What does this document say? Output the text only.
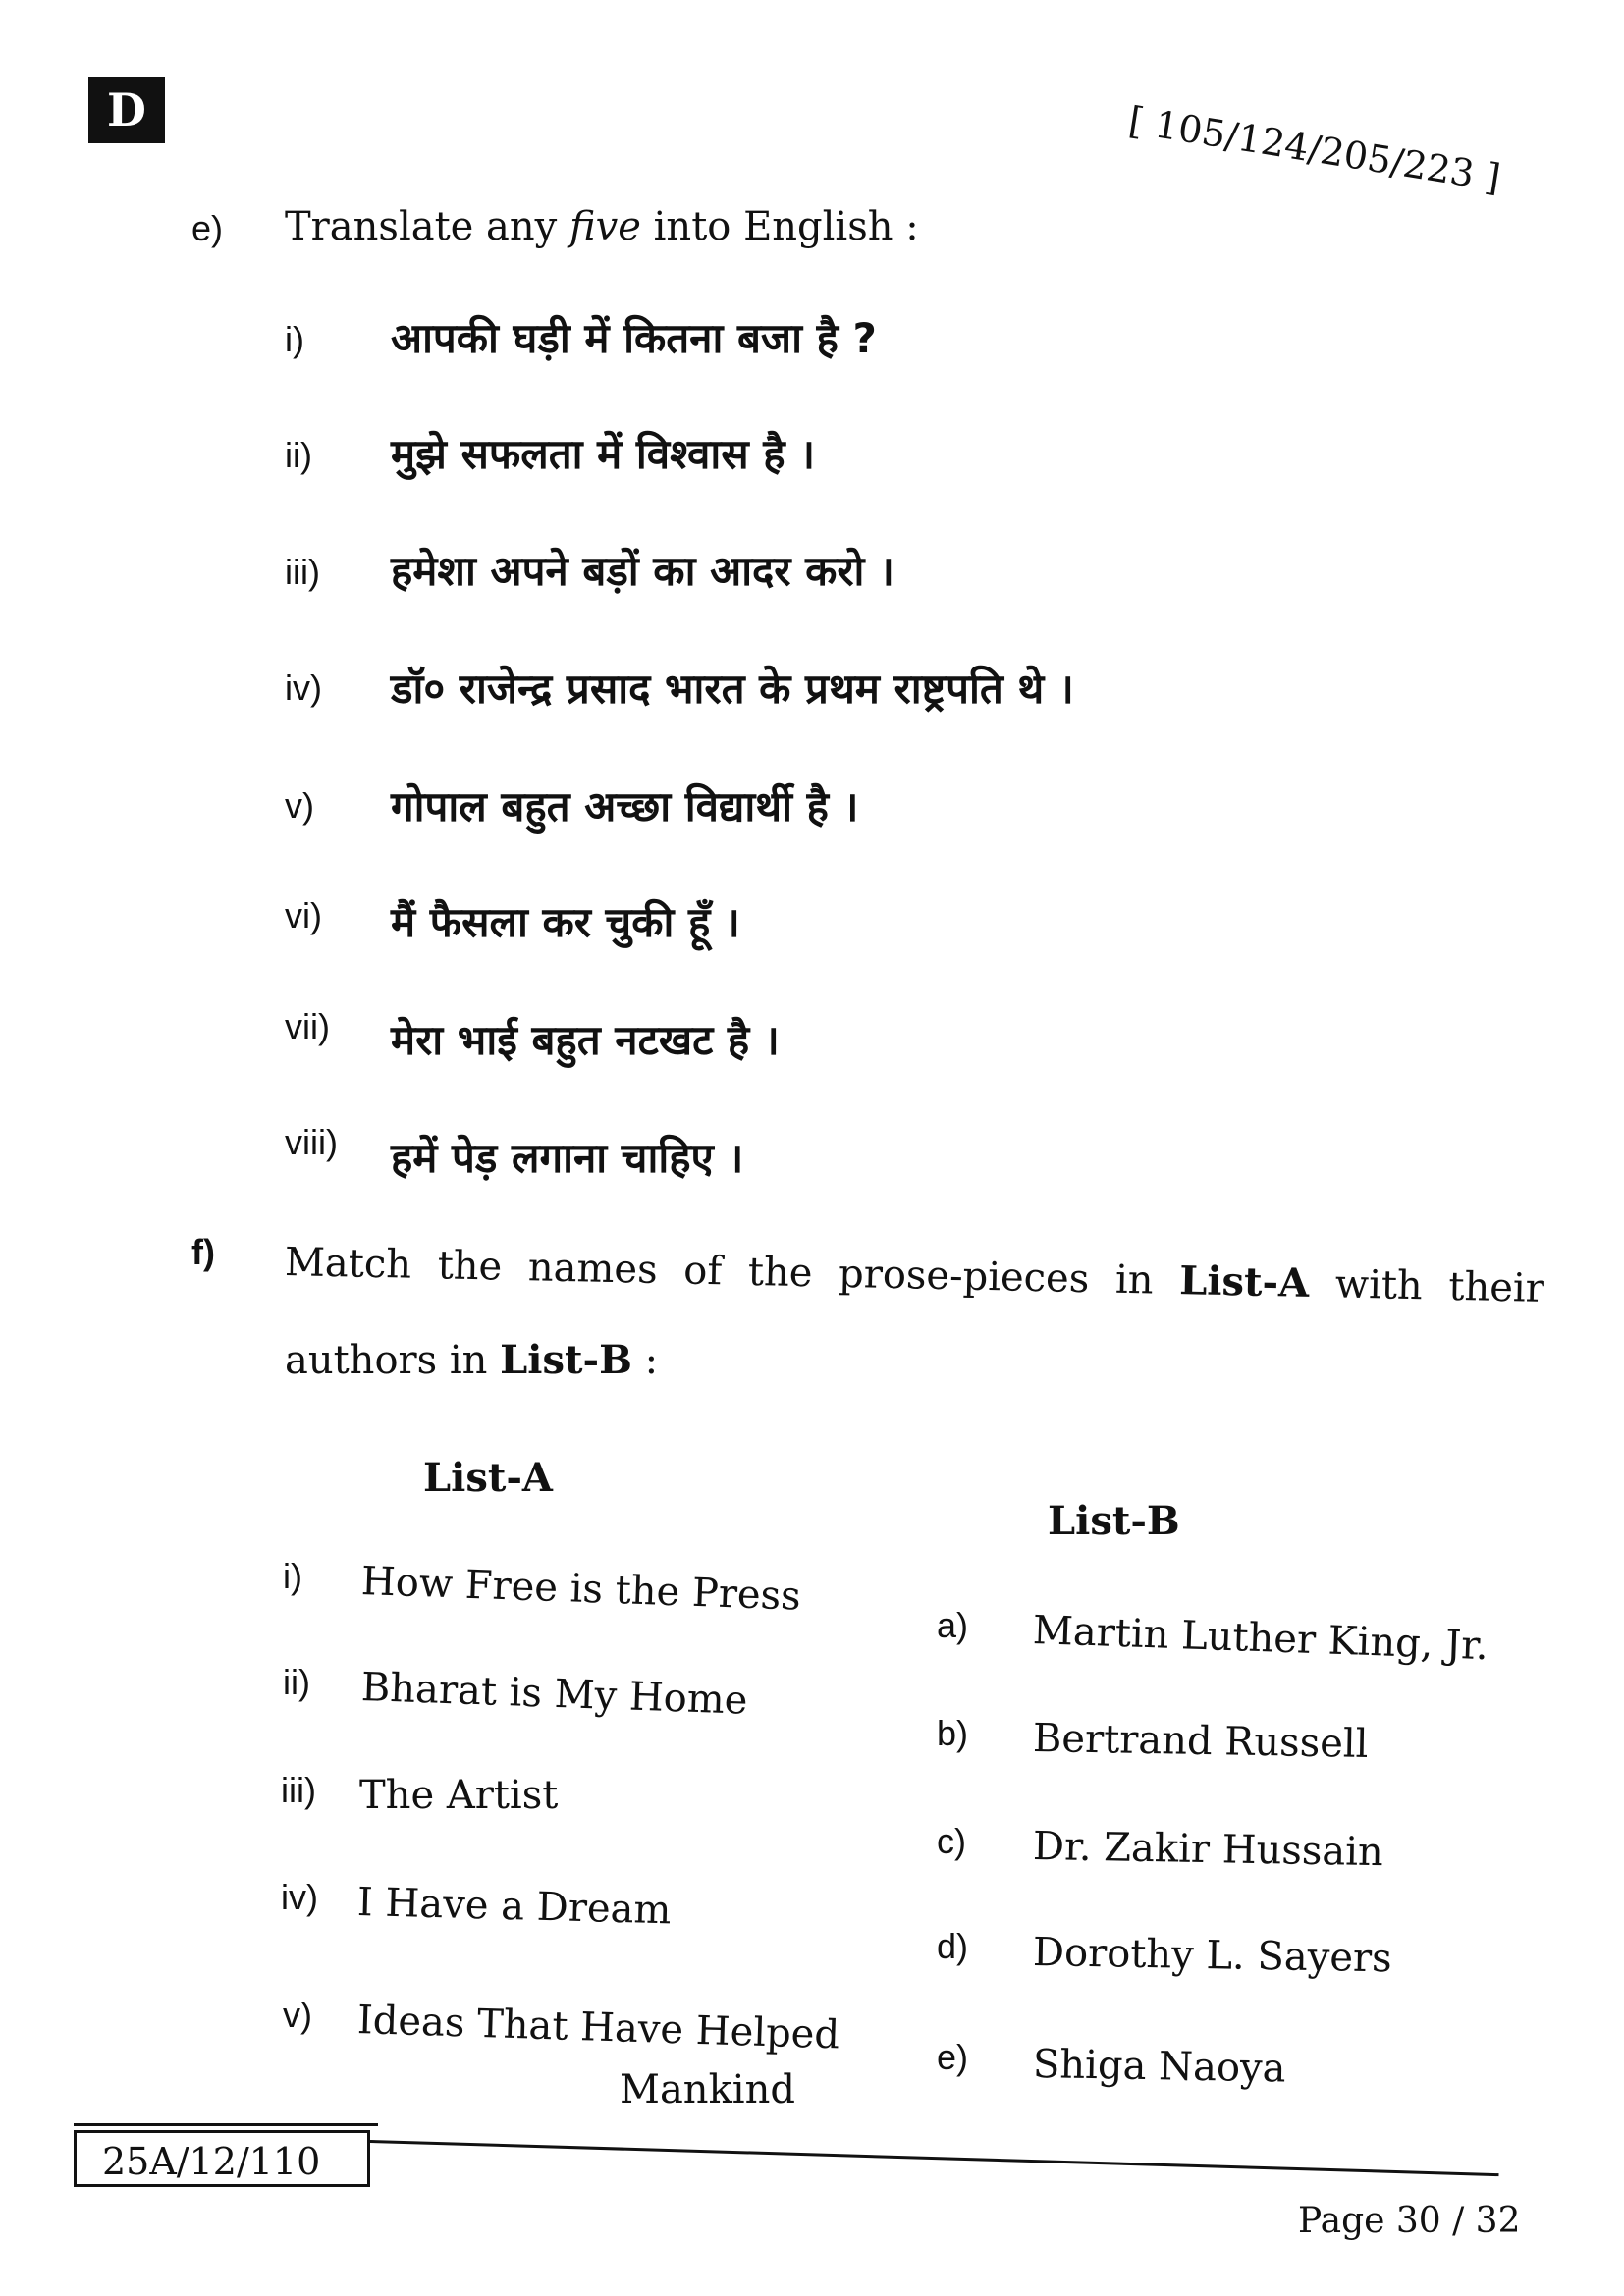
D	[ 105/124/205/223 ]
e) Translate any five into English :
i) आपकी घड़ी में कितना बजा है ?
ii) मुझे सफलता में विश्वास है ।
iii) हमेशा अपने बड़ों का आदर करो ।
iv) डॉ० राजेन्द्र प्रसाद भारत के प्रथम राष्ट्रपति थे ।
v) गोपाल बहुत अच्छा विद्यार्थी है ।
vi) मैं फैसला कर चुकी हूँ ।
vii) मेरा भाई बहुत नटखट है ।
viii) हमें पेड़ लगाना चाहिए ।
f) Match the names of the prose-pieces in List-A with their
authors in List-B :
List-A
i) How Free is the Press
ii) Bharat is My Home
iii) The Artist
iv) I Have a Dream
v) Ideas That Have Helped
Mankind
List-B
a) Martin Luther King, Jr.
b) Bertrand Russell
c) Dr. Zakir Hussain
d) Dorothy L. Sayers
e) Shiga Naoya
25A/12/110
Page 30 / 32
